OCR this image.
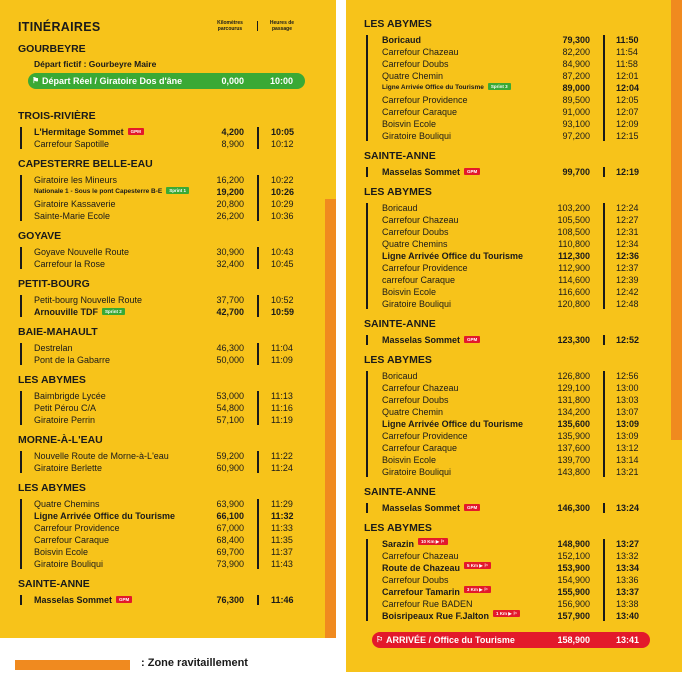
ITINÉRAIRES	Kilomètres parcourus
Heures de passage
GOURBEYRE
Départ fictif : Gourbeyre Maire
⚑ Départ Réel / Giratoire Dos d'âne	0,000	10:00
TROIS-RIVIÈRE
L'Hermitage Sommet GPM	4,200	10:05
Carrefour Sapotille	8,900	10:12
CAPESTERRE BELLE-EAU
Giratoire les Mineurs	16,200	10:22
Nationale 1 - Sous le pont Capesterre B-E Sprint 1	19,200	10:26
Giratoire Kassaverie	20,800	10:29
Sainte-Marie Ecole	26,200	10:36
GOYAVE
Goyave Nouvelle Route	30,900	10:43
Carrefour la Rose	32,400	10:45
PETIT-BOURG
Petit-bourg Nouvelle Route	37,700	10:52
Arnouville TDF Sprint 2	42,700	10:59
BAIE-MAHAULT
Destrelan	46,300	11:04
Pont de la Gabarre	50,000	11:09
LES ABYMES
Baimbrigde Lycée	53,000	11:13
Petit Pérou C/A	54,800	11:16
Giratoire Perrin	57,100	11:19
MORNE-À-L'EAU
Nouvelle Route de Morne-à-L'eau	59,200	11:22
Giratoire Berlette	60,900	11:24
LES ABYMES
Quatre Chemins	63,900	11:29
Ligne Arrivée Office du Tourisme	66,100	11:32
Carrefour Providence	67,000	11:33
Carrefour Caraque	68,400	11:35
Boisvin Ecole	69,700	11:37
Giratoire Bouliqui	73,900	11:43
SAINTE-ANNE
Masselas Sommet GPM	76,300	11:46
LES ABYMES
Boricaud	79,300	11:50
Carrefour Chazeau	82,200	11:54
Carrefour Doubs	84,900	11:58
Quatre Chemin	87,200	12:01
Ligne Arrivée Office du Tourisme Sprint 3	89,000	12:04
Carrefour Providence	89,500	12:05
Carrefour Caraque	91,000	12:07
Boisvin Ecole	93,100	12:09
Giratoire Bouliqui	97,200	12:15
SAINTE-ANNE
Masselas Sommet GPM	99,700	12:19
LES ABYMES
Boricaud	103,200	12:24
Carrefour Chazeau	105,500	12:27
Carrefour Doubs	108,500	12:31
Quatre Chemins	110,800	12:34
Ligne Arrivée Office du Tourisme	112,300	12:36
Carrefour Providence	112,900	12:37
carrefour Caraque	114,600	12:39
Boisvin Ecole	116,600	12:42
Giratoire Bouliqui	120,800	12:48
SAINTE-ANNE
Masselas Sommet GPM	123,300	12:52
LES ABYMES
Boricaud	126,800	12:56
Carrefour Chazeau	129,100	13:00
Carrefour Doubs	131,800	13:03
Quatre Chemin	134,200	13:07
Ligne Arrivée Office du Tourisme	135,600	13:09
Carrefour Providence	135,900	13:09
Carrefour Caraque	137,600	13:12
Boisvin Ecole	139,700	13:14
Giratoire Bouliqui	143,800	13:21
SAINTE-ANNE
Masselas Sommet GPM	146,300	13:24
LES ABYMES
Sarazin	10 Km ▶ ⚐	148,900	13:27
Carrefour Chazeau	152,100	13:32
Route de Chazeau	5 Km ▶ ⚐	153,900	13:34
Carrefour Doubs	154,900	13:36
Carrefour Tamarin	3 Km ▶ ⚐	155,900	13:37
Carrefour Rue BADEN	156,900	13:38
Boisripeaux Rue F.Jalton	1 Km ▶ ⚐	157,900	13:40
⚐ ARRIVÉE / Office du Tourisme	158,900	13:41
: Zone ravitaillement
